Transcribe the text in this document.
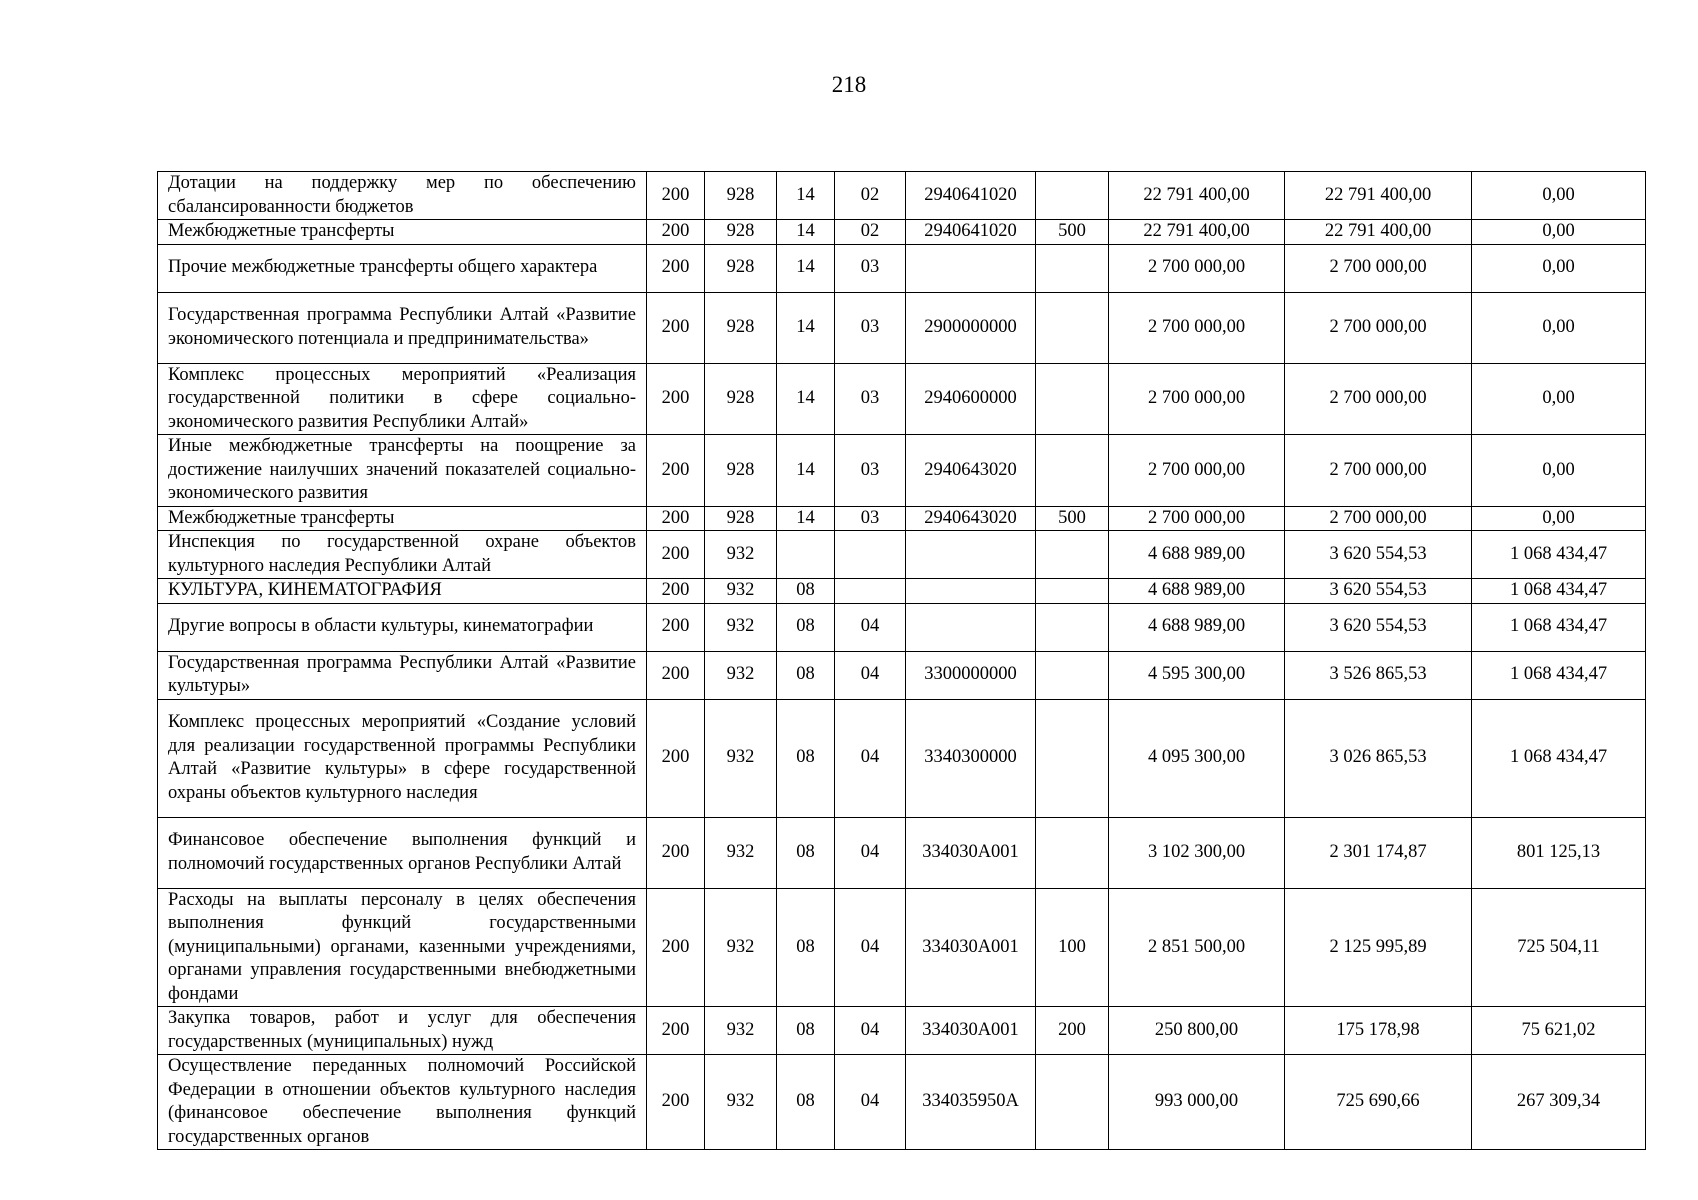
218
Дотации на поддержку мер по обеспечению сбалансированности бюджетов	200	928	14	02	2940641020		22 791 400,00	22 791 400,00	0,00
Межбюджетные трансферты	200	928	14	02	2940641020	500	22 791 400,00	22 791 400,00	0,00
Прочие межбюджетные трансферты общего характера	200	928	14	03			2 700 000,00	2 700 000,00	0,00
Государственная программа Республики Алтай «Развитие экономического потенциала и предпринимательства»	200	928	14	03	2900000000		2 700 000,00	2 700 000,00	0,00
Комплекс процессных мероприятий «Реализация государственной политики в сфере социально-экономического развития Республики Алтай»	200	928	14	03	2940600000		2 700 000,00	2 700 000,00	0,00
Иные межбюджетные трансферты на поощрение за достижение наилучших значений показателей социально-экономического развития	200	928	14	03	2940643020		2 700 000,00	2 700 000,00	0,00
Межбюджетные трансферты	200	928	14	03	2940643020	500	2 700 000,00	2 700 000,00	0,00
Инспекция по государственной охране объектов культурного наследия Республики Алтай	200	932					4 688 989,00	3 620 554,53	1 068 434,47
КУЛЬТУРА, КИНЕМАТОГРАФИЯ	200	932	08				4 688 989,00	3 620 554,53	1 068 434,47
Другие вопросы в области культуры, кинематографии	200	932	08	04			4 688 989,00	3 620 554,53	1 068 434,47
Государственная программа Республики Алтай «Развитие культуры»	200	932	08	04	3300000000		4 595 300,00	3 526 865,53	1 068 434,47
Комплекс процессных мероприятий «Создание условий для реализации государственной программы Республики Алтай «Развитие культуры» в сфере государственной охраны объектов культурного наследия	200	932	08	04	3340300000		4 095 300,00	3 026 865,53	1 068 434,47
Финансовое обеспечение выполнения функций и полномочий государственных органов Республики Алтай	200	932	08	04	334030А001		3 102 300,00	2 301 174,87	801 125,13
Расходы на выплаты персоналу в целях обеспечения выполнения функций государственными (муниципальными) органами, казенными учреждениями, органами управления государственными внебюджетными фондами	200	932	08	04	334030А001	100	2 851 500,00	2 125 995,89	725 504,11
Закупка товаров, работ и услуг для обеспечения государственных (муниципальных) нужд	200	932	08	04	334030А001	200	250 800,00	175 178,98	75 621,02
Осуществление переданных полномочий Российской Федерации в отношении объектов культурного наследия (финансовое обеспечение выполнения функций государственных органов	200	932	08	04	334035950А		993 000,00	725 690,66	267 309,34
